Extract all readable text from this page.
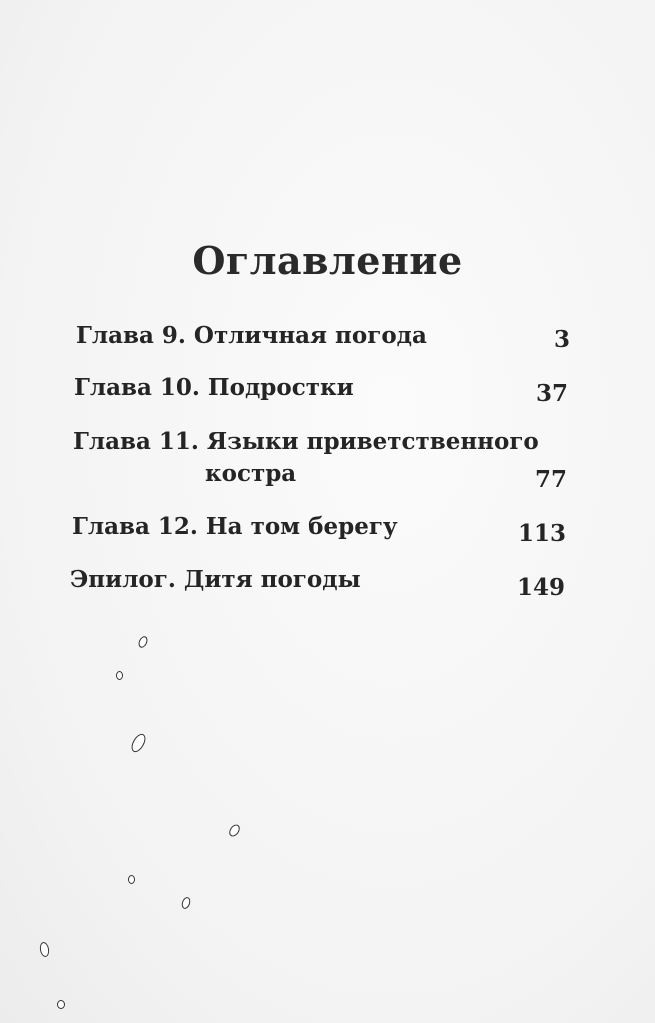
Оглавление
Глава 9. Отличная погода	3
Глава 10. Подростки	37
Глава 11. Языки приветственного
костра	77
Глава 12. На том берегу	113
Эпилог. Дитя погоды	149
